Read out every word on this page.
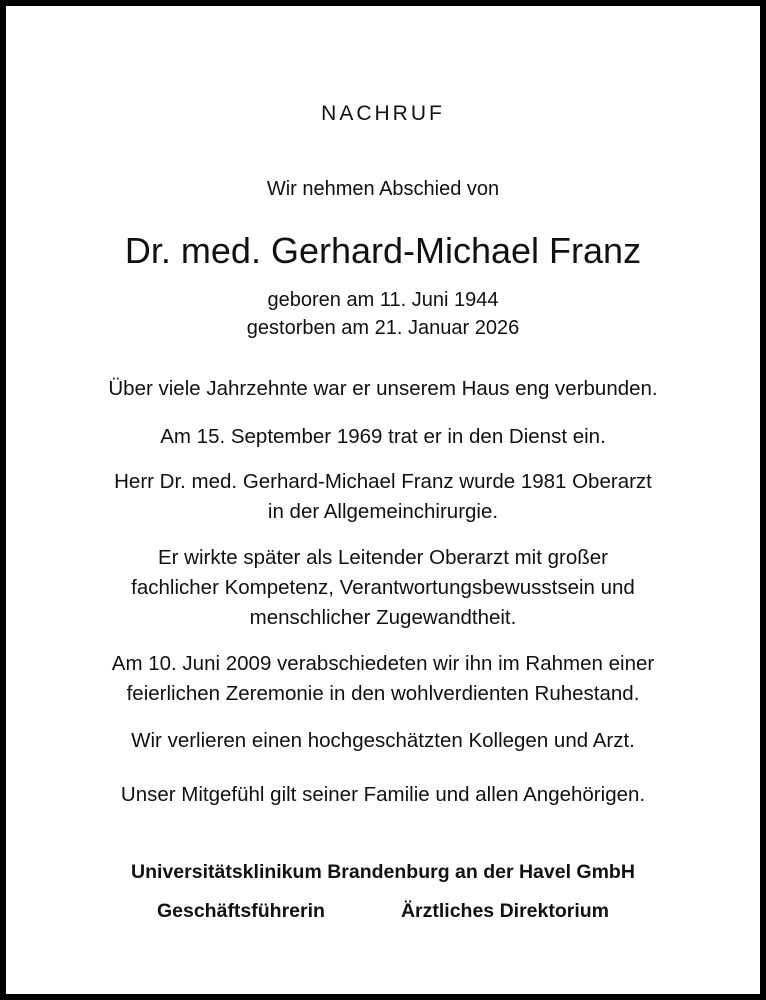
NACHRUF
Wir nehmen Abschied von
Dr. med. Gerhard-Michael Franz
geboren am 11. Juni 1944
gestorben am 21. Januar 2026
Über viele Jahrzehnte war er unserem Haus eng verbunden.
Am 15. September 1969 trat er in den Dienst ein.
Herr Dr. med. Gerhard-Michael Franz wurde 1981 Oberarzt
in der Allgemeinchirurgie.
Er wirkte später als Leitender Oberarzt mit großer
fachlicher Kompetenz, Verantwortungsbewusstsein und
menschlicher Zugewandtheit.
Am 10. Juni 2009 verabschiedeten wir ihn im Rahmen einer
feierlichen Zeremonie in den wohlverdienten Ruhestand.
Wir verlieren einen hochgeschätzten Kollegen und Arzt.
Unser Mitgefühl gilt seiner Familie und allen Angehörigen.
Universitätsklinikum Brandenburg an der Havel GmbH
Geschäftsführerin	Ärztliches Direktorium
